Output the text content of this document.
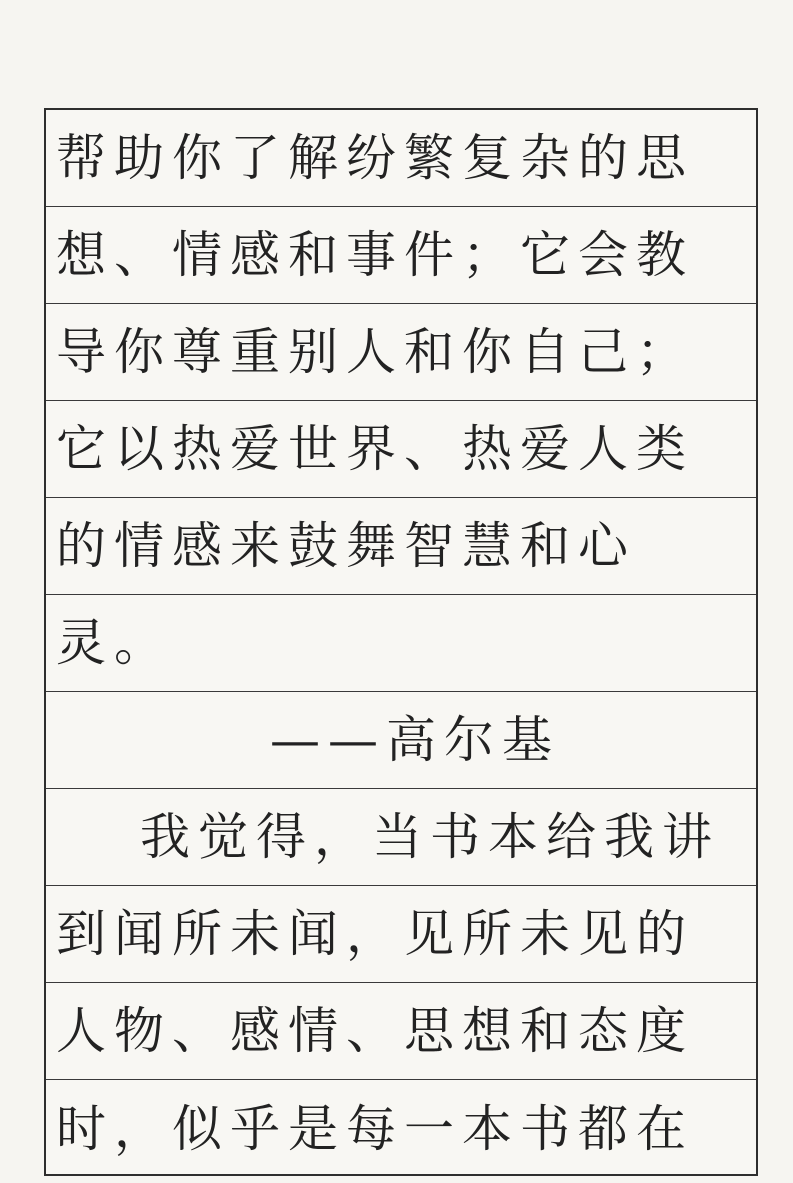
帮助你了解纷繁复杂的思
想、情感和事件；它会教
导你尊重别人和你自己；
它以热爱世界、热爱人类
的情感来鼓舞智慧和心
灵。
——高尔基
我觉得，当书本给我讲
到闻所未闻，见所未见的
人物、感情、思想和态度
时，似乎是每一本书都在
